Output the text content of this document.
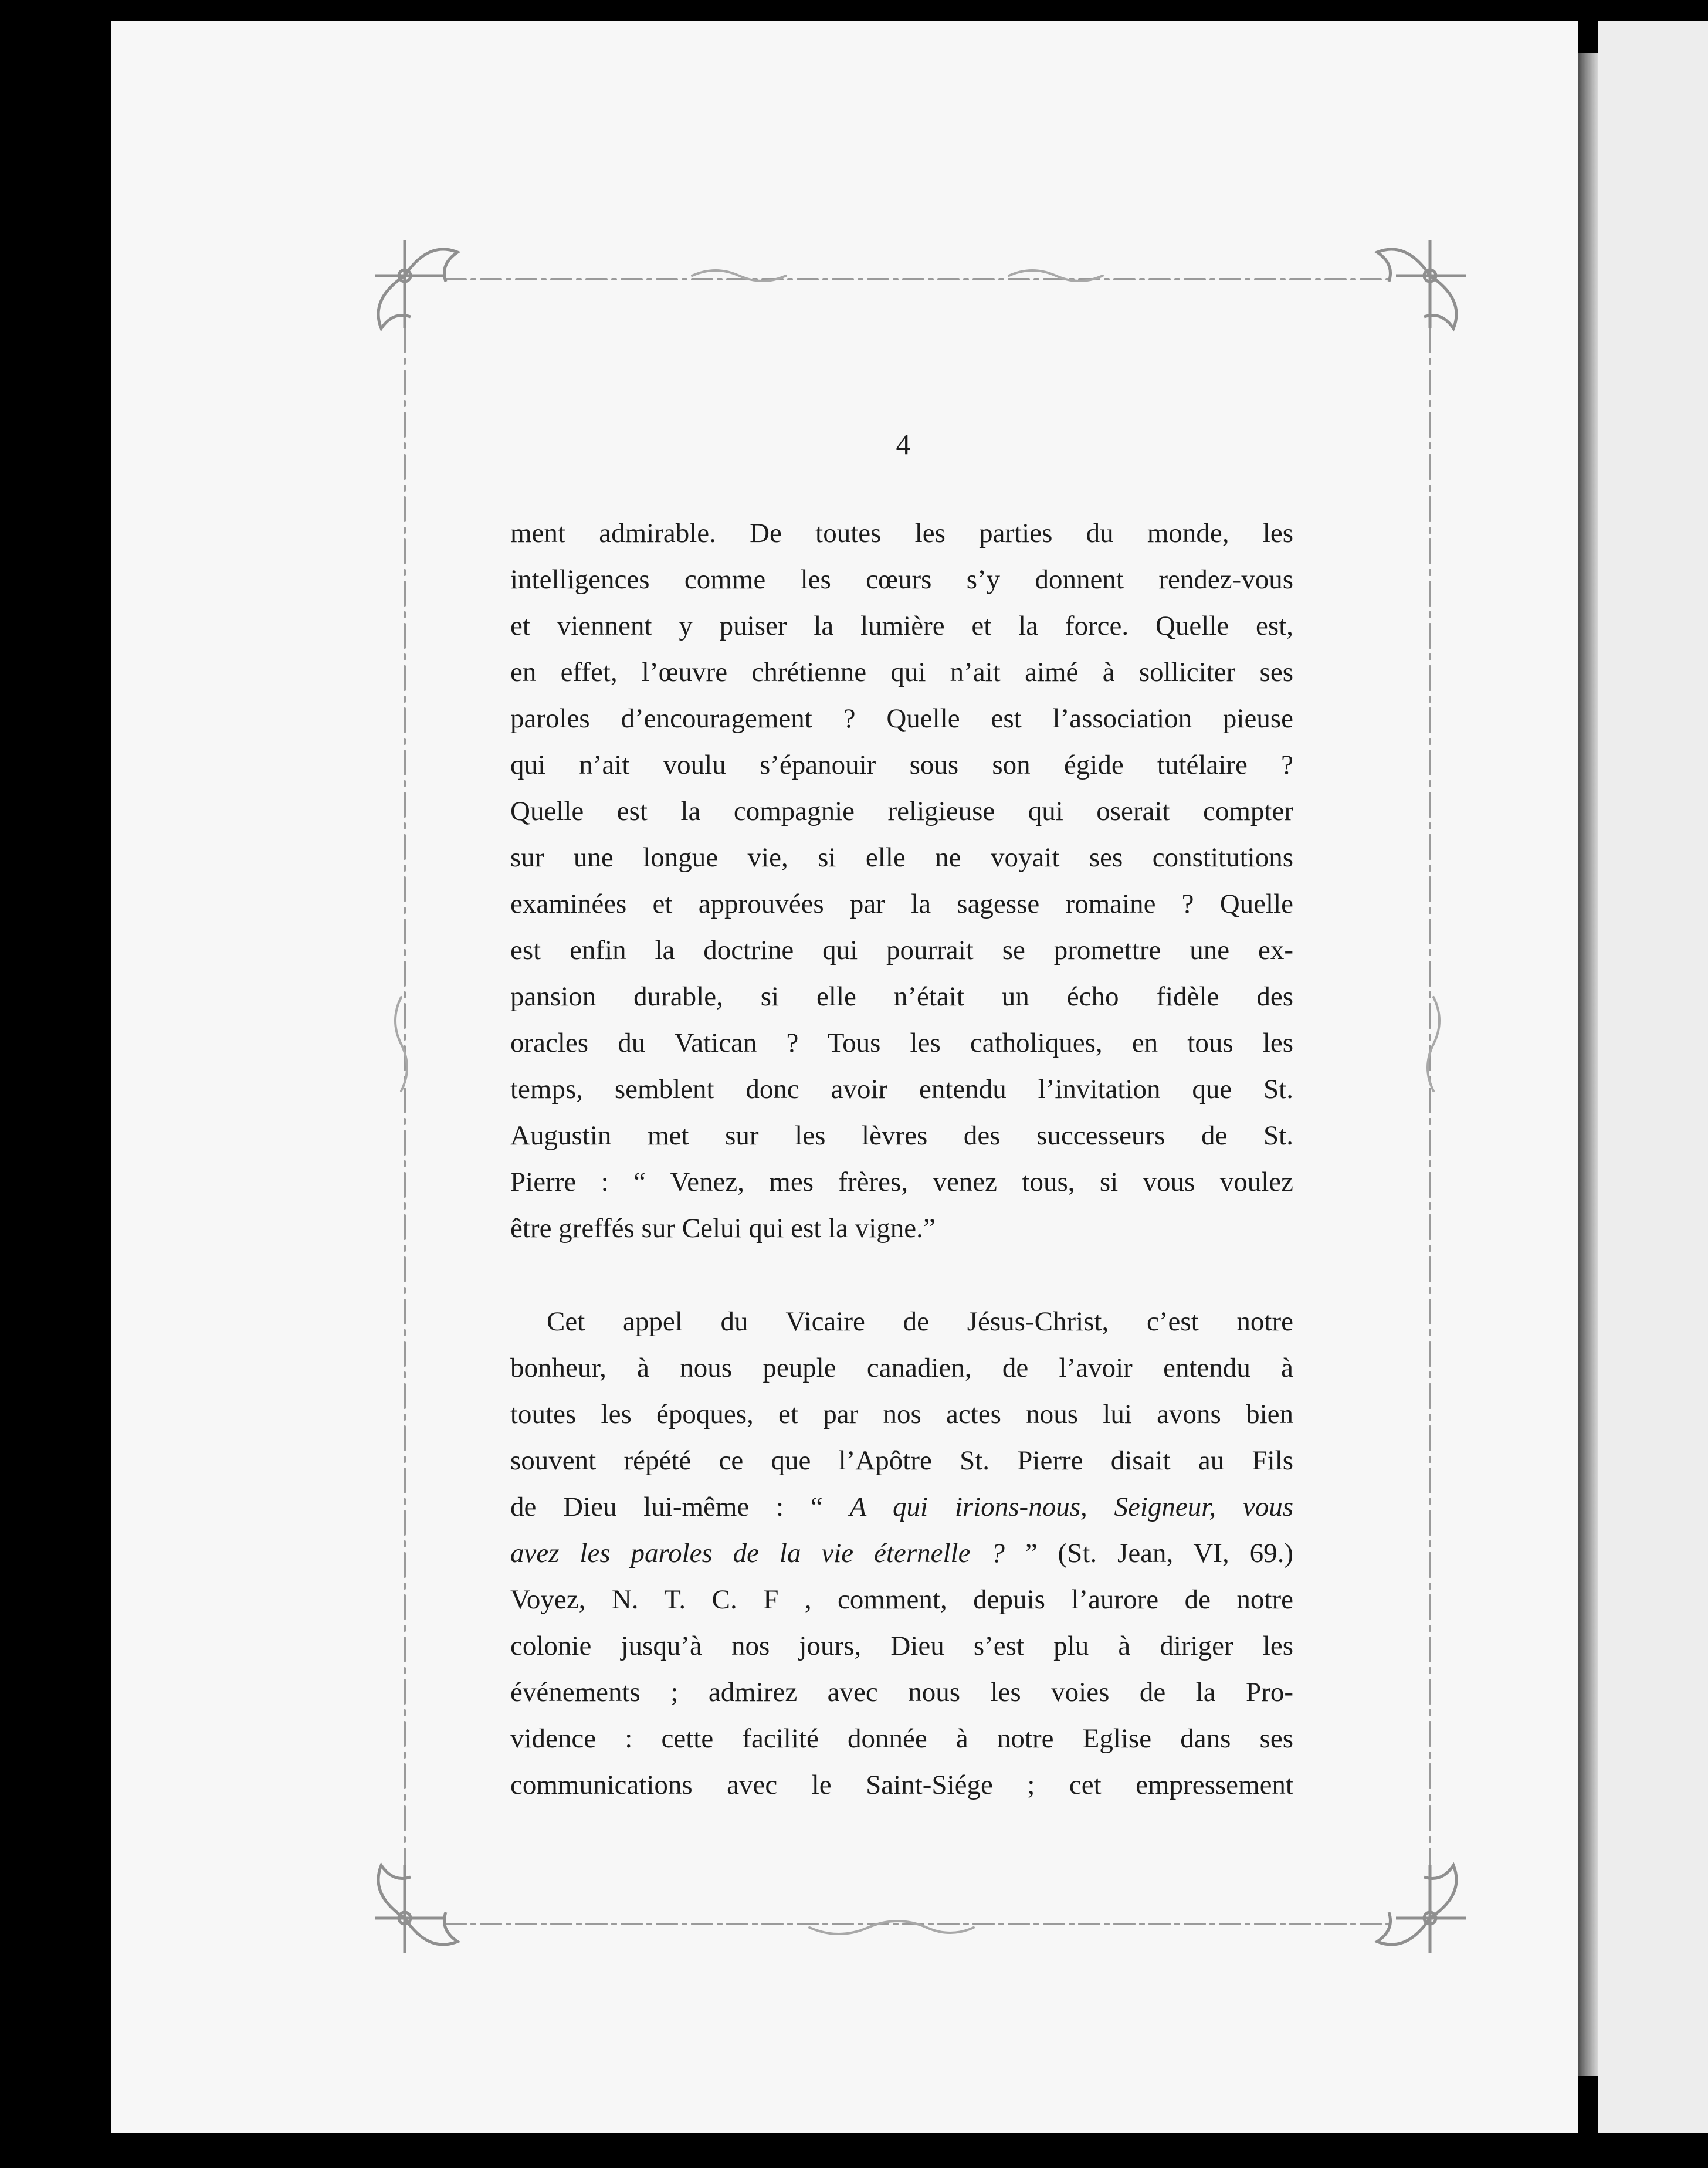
4
ment admirable. De toutes les parties du monde, les
intelligences comme les cœurs s’y donnent rendez-vous
et viennent y puiser la lumière et la force. Quelle est,
en effet, l’œuvre chrétienne qui n’ait aimé à solliciter ses
paroles d’encouragement ? Quelle est l’association pieuse
qui n’ait voulu s’épanouir sous son égide tutélaire ?
Quelle est la compagnie religieuse qui oserait compter
sur une longue vie, si elle ne voyait ses constitutions
examinées et approuvées par la sagesse romaine ? Quelle
est enfin la doctrine qui pourrait se promettre une ex-
pansion durable, si elle n’était un écho fidèle des
oracles du Vatican ? Tous les catholiques, en tous les
temps, semblent donc avoir entendu l’invitation que St.
Augustin met sur les lèvres des successeurs de St.
Pierre : “ Venez, mes frères, venez tous, si vous voulez
être greffés sur Celui qui est la vigne.”
Cet appel du Vicaire de Jésus-Christ, c’est notre
bonheur, à nous peuple canadien, de l’avoir entendu à
toutes les époques, et par nos actes nous lui avons bien
souvent répété ce que l’Apôtre St. Pierre disait au Fils
de Dieu lui-même : “ A qui irions-nous, Seigneur, vous
avez les paroles de la vie éternelle ? ” (St. Jean, VI, 69.)
Voyez, N. T. C. F , comment, depuis l’aurore de notre
colonie jusqu’à nos jours, Dieu s’est plu à diriger les
événements ; admirez avec nous les voies de la Pro-
vidence : cette facilité donnée à notre Eglise dans ses
communications avec le Saint-Siége ; cet empressement
